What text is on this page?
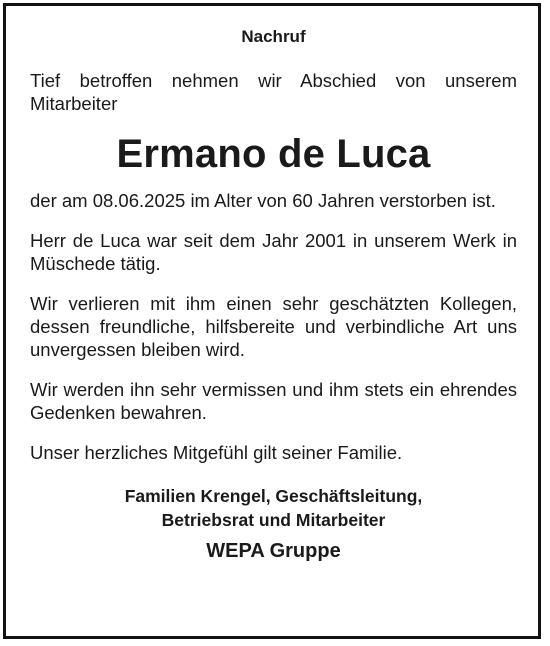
Nachruf
Tief betroffen nehmen wir Abschied von unserem Mitarbeiter
Ermano de Luca
der am 08.06.2025 im Alter von 60 Jahren verstorben ist.
Herr de Luca war seit dem Jahr 2001 in unserem Werk in Müschede tätig.
Wir verlieren mit ihm einen sehr geschätzten Kollegen, dessen freundliche, hilfsbereite und verbindliche Art uns unvergessen bleiben wird.
Wir werden ihn sehr vermissen und ihm stets ein ehrendes Gedenken bewahren.
Unser herzliches Mitgefühl gilt seiner Familie.
Familien Krengel, Geschäftsleitung,
Betriebsrat und Mitarbeiter
WEPA Gruppe
